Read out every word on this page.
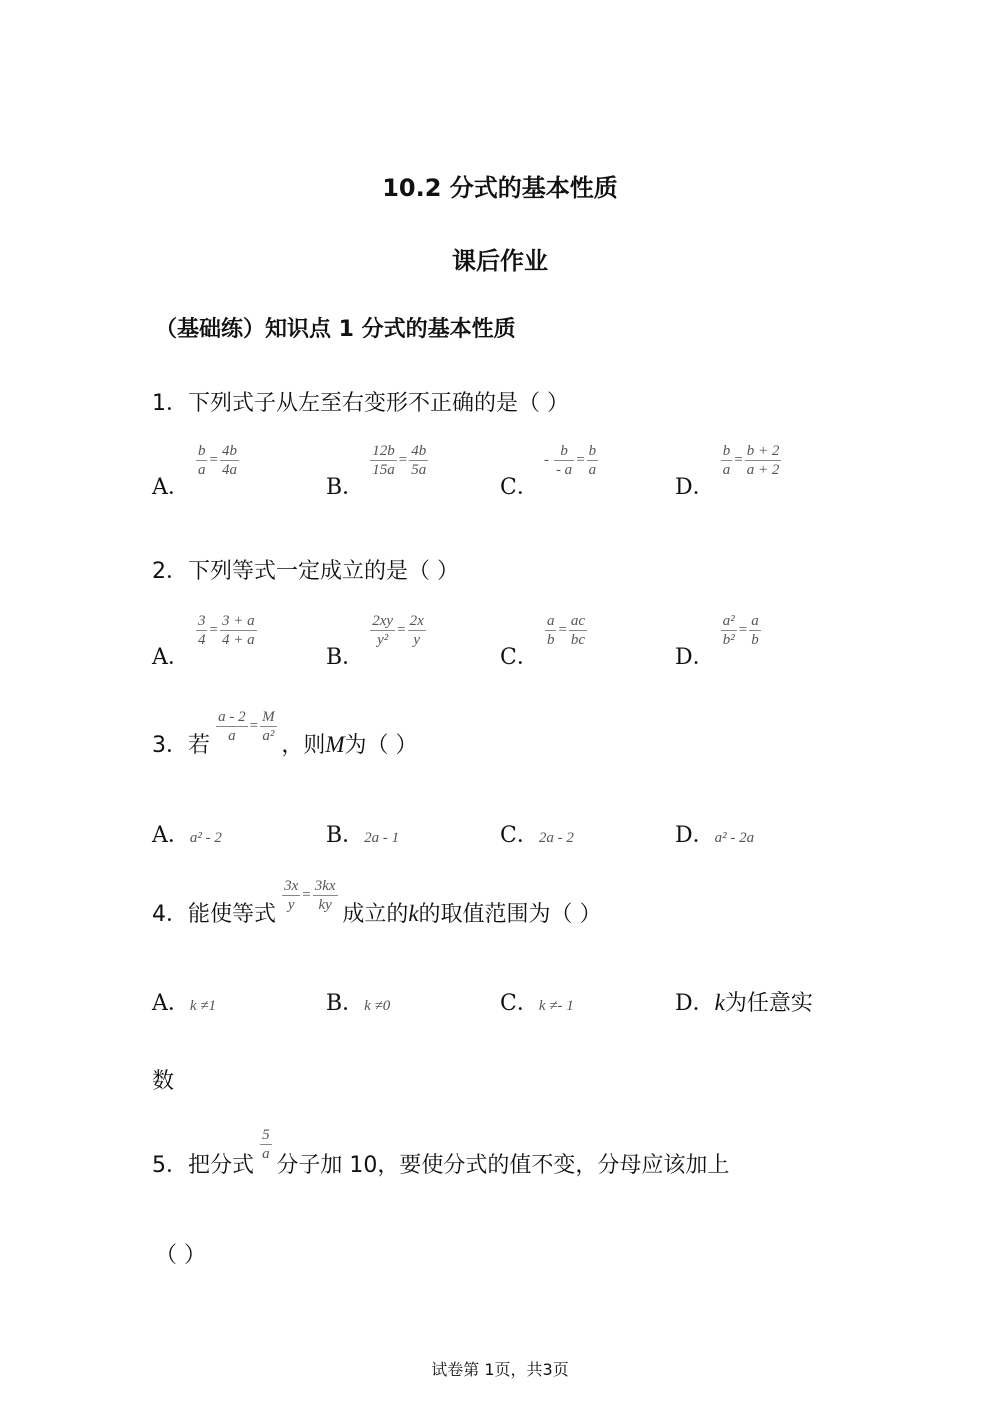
10.2 分式的基本性质
课后作业
（基础练）知识点 1 分式的基本性质
1．下列式子从左至右变形不正确的是（ ）
A．
$\frac{b}{a} = \frac{4b}{4a}$
B．
$\frac{12b}{15a} = \frac{4b}{5a}$
C． - $\frac{b}{- a} = \frac{b}{a}$
D．
$\frac{b}{a} = \frac{b + 2}{a + 2}$
2．下列等式一定成立的是（ ）
A．
$\frac{3}{4} = \frac{3 + a}{4 + a}$
B．
$\frac{2xy}{\text{y²}} = \frac{2x}{y}$
C．
$\frac{a}{b} = \frac{ac}{bc}$
D．
$\frac{\text{a²}}{\text{b²}} = \frac{a}{b}$
3．若
$\frac{a - 2}{a} = \frac{M}{\text{a²}}$
，则M为（ ）
A．a² - 2	B．2a - 1	C．2a - 2	D．a² - 2a
4．能使等式
$\frac{3x}{y} = \frac{3kx}{ky}$
成立的k的取值范围为（ ）
A．k ≠1	B．k ≠0	C．k ≠- 1	D．k为任意实
数
5．把分式
$\frac{5}{a}$
分子加 10，要使分式的值不变，分母应该加上
（ ）
试卷第 1页，共3页
